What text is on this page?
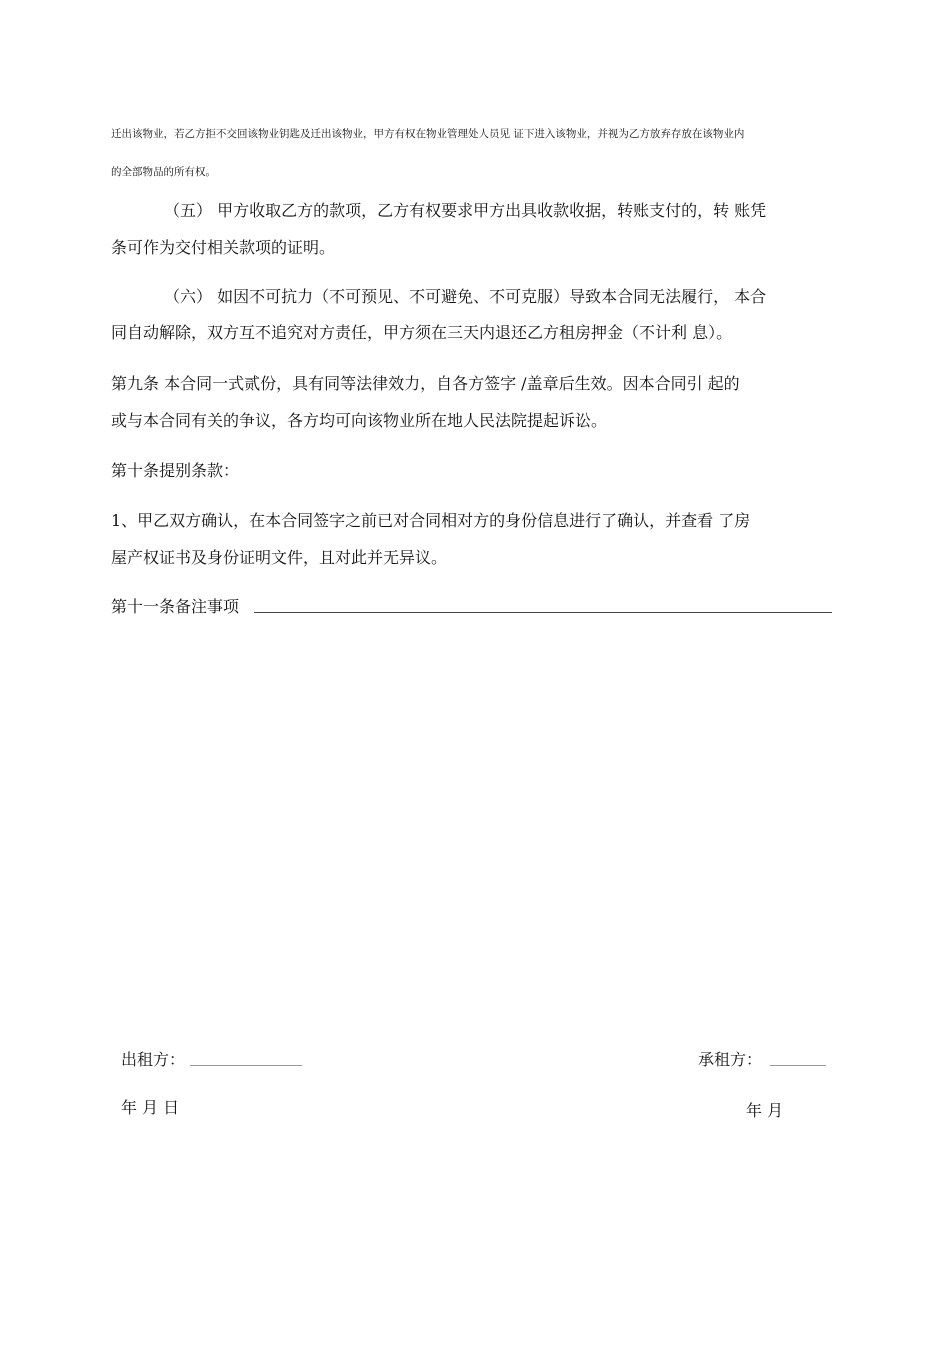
迁出该物业，若乙方拒不交回该物业钥匙及迁出该物业，甲方有权在物业管理处人员见 证下进入该物业，并视为乙方放弃存放在该物业内
的全部物品的所有权。
（五） 甲方收取乙方的款项，乙方有权要求甲方出具收款收据，转账支付的，转 账凭
条可作为交付相关款项的证明。
（六） 如因不可抗力（不可预见、不可避免、不可克服）导致本合同无法履行， 本合
同自动解除，双方互不追究对方责任，甲方须在三天内退还乙方租房押金（不计利 息）。
第九条 本合同一式贰份，具有同等法律效力，自各方签字 /盖章后生效。因本合同引 起的
或与本合同有关的争议，各方均可向该物业所在地人民法院提起诉讼。
第十条提别条款：
1、甲乙双方确认，在本合同签字之前已对合同相对方的身份信息进行了确认，并查看 了房
屋产权证书及身份证明文件，且对此并无异议。
第十一条备注事项
出租方： ______________	承租方： _______
年 月 日	年 月
